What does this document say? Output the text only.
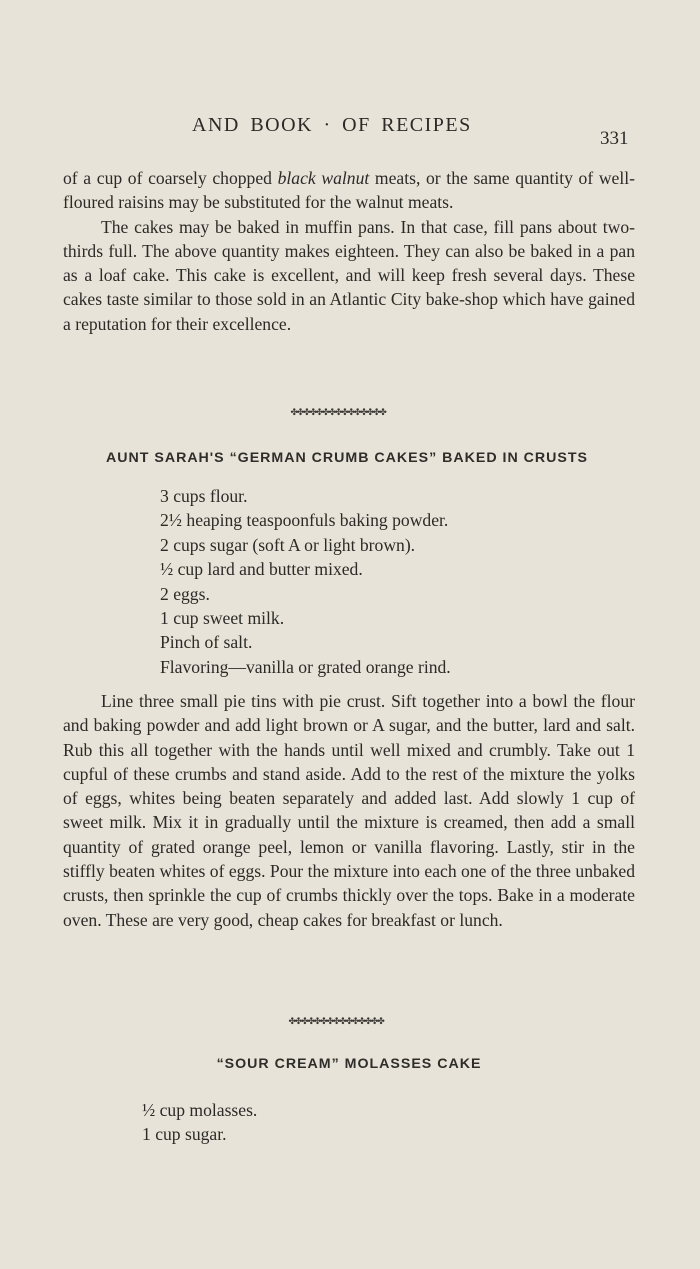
AND BOOK · OF RECIPES
331

of a cup of coarsely chopped black walnut meats, or the same quantity of well-floured raisins may be substituted for the walnut meats.

The cakes may be baked in muffin pans. In that case, fill pans about two-thirds full. The above quantity makes eighteen. They can also be baked in a pan as a loaf cake. This cake is excellent, and will keep fresh several days. These cakes taste similar to those sold in an Atlantic City bake-shop which have gained a reputation for their excellence.

✤✤✤✤✤✤✤✤✤✤✤✤✤✤✤
AUNT SARAH'S “GERMAN CRUMB CAKES” BAKED IN CRUSTS
3 cups flour.
2½ heaping teaspoonfuls baking powder.
2 cups sugar (soft A or light brown).
½ cup lard and butter mixed.
2 eggs.
1 cup sweet milk.
Pinch of salt.
Flavoring—vanilla or grated orange rind.

Line three small pie tins with pie crust. Sift together into a bowl the flour and baking powder and add light brown or A sugar, and the butter, lard and salt. Rub this all together with the hands until well mixed and crumbly. Take out 1 cupful of these crumbs and stand aside. Add to the rest of the mixture the yolks of eggs, whites being beaten separately and added last. Add slowly 1 cup of sweet milk. Mix it in gradually until the mixture is creamed, then add a small quantity of grated orange peel, lemon or vanilla flavoring. Lastly, stir in the stiffly beaten whites of eggs. Pour the mixture into each one of the three unbaked crusts, then sprinkle the cup of crumbs thickly over the tops. Bake in a moderate oven. These are very good, cheap cakes for breakfast or lunch.

✤✤✤✤✤✤✤✤✤✤✤✤✤✤✤
“SOUR CREAM” MOLASSES CAKE
½ cup molasses.
1 cup sugar.
